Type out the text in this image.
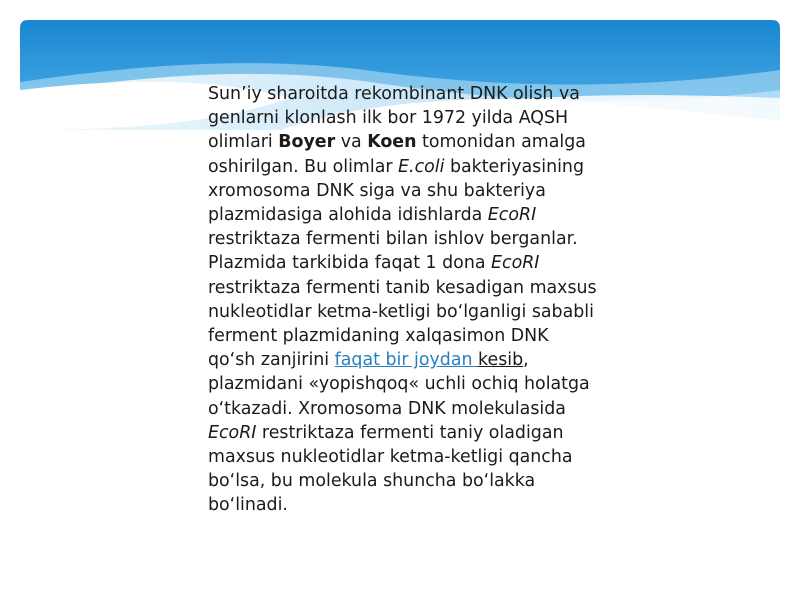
Sun’iy sharoitda rekombinant DNK olish va genlarni klonlash ilk bor 1972 yilda AQSH olimlari Boyer va Koen tomonidan amalga oshirilgan. Bu olimlar E.coli bakteriyasining xromosoma DNK siga va shu bakteriya plazmidasiga alohida idishlarda EcoRI restriktaza fermenti bilan ishlov berganlar. Plazmida tarkibida faqat 1 dona EcoRI restriktaza fermenti tanib kesadigan maxsus nukleotidlar ketma-ketligi bo‘lganligi sababli ferment plazmidaning xalqasimon DNK qo‘sh zanjirini faqat bir joydan kesib, plazmidani «yopishqoq« uchli ochiq holatga o‘tkazadi. Xromosoma DNK molekulasida EcoRI restriktaza fermenti taniy oladigan maxsus nukleotidlar ketma-ketligi qancha bo‘lsa, bu molekula shuncha bo‘lakka bo‘linadi.
